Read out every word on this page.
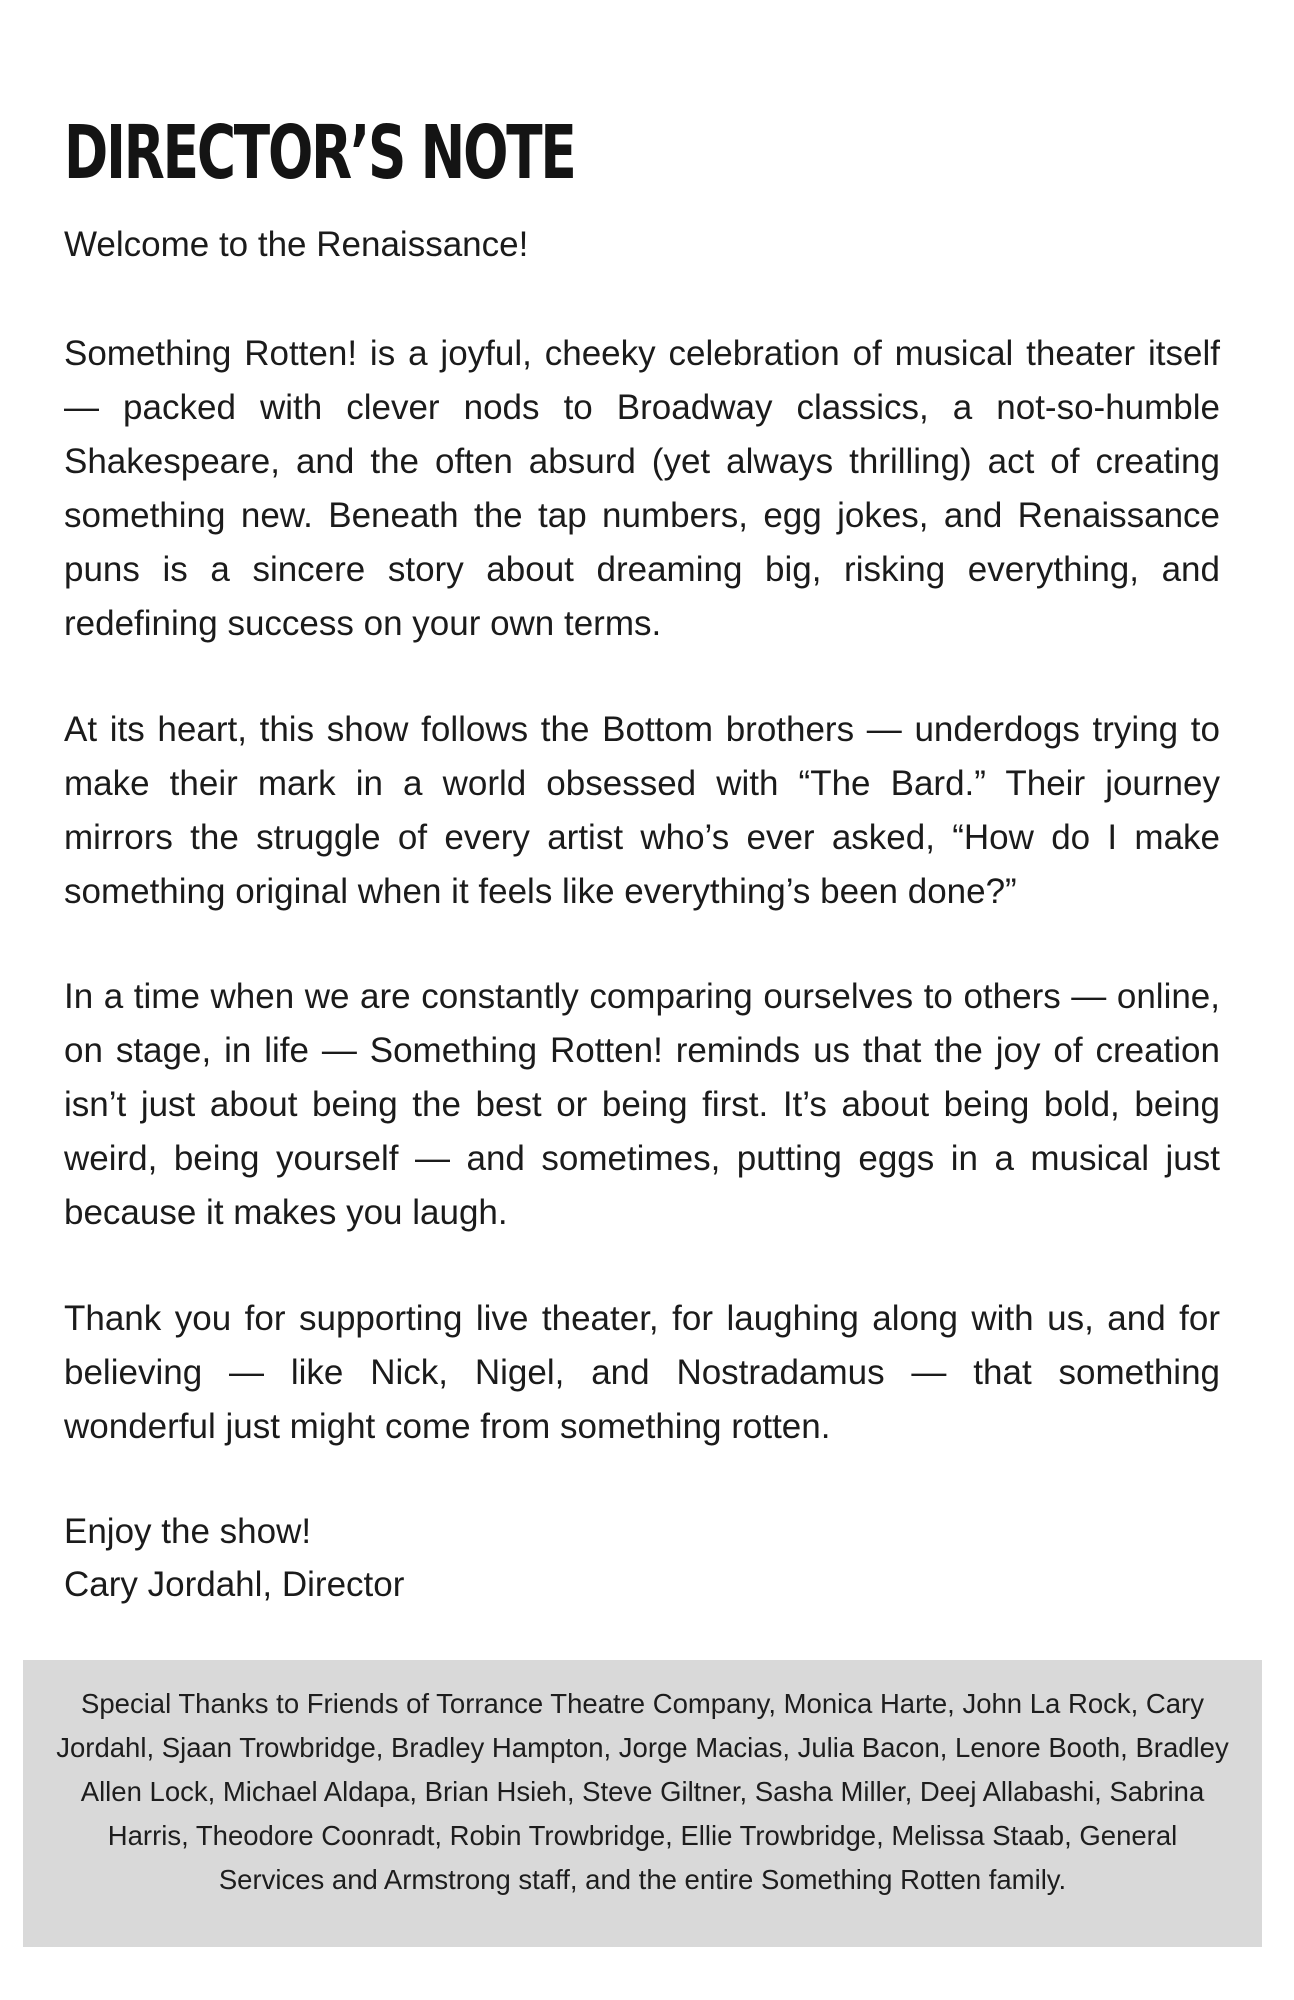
DIRECTOR’S NOTE

Welcome to the Renaissance!

Something Rotten! is a joyful, cheeky celebration of musical theater itself — packed with clever nods to Broadway classics, a not-so-humble Shakespeare, and the often absurd (yet always thrilling) act of creating something new. Beneath the tap numbers, egg jokes, and Renaissance puns is a sincere story about dreaming big, risking everything, and redefining success on your own terms.

At its heart, this show follows the Bottom brothers — underdogs trying to make their mark in a world obsessed with “The Bard.” Their journey mirrors the struggle of every artist who’s ever asked, “How do I make something original when it feels like everything’s been done?”

In a time when we are constantly comparing ourselves to others — online, on stage, in life — Something Rotten! reminds us that the joy of creation isn’t just about being the best or being first. It’s about being bold, being weird, being yourself — and sometimes, putting eggs in a musical just because it makes you laugh.

Thank you for supporting live theater, for laughing along with us, and for believing — like Nick, Nigel, and Nostradamus — that something wonderful just might come from something rotten.

Enjoy the show!
Cary Jordahl, Director

Special Thanks to Friends of Torrance Theatre Company, Monica Harte, John La Rock, Cary Jordahl, Sjaan Trowbridge, Bradley Hampton, Jorge Macias, Julia Bacon, Lenore Booth, Bradley Allen Lock, Michael Aldapa, Brian Hsieh, Steve Giltner, Sasha Miller, Deej Allabashi, Sabrina Harris, Theodore Coonradt, Robin Trowbridge, Ellie Trowbridge, Melissa Staab, General Services and Armstrong staff, and the entire Something Rotten family.
